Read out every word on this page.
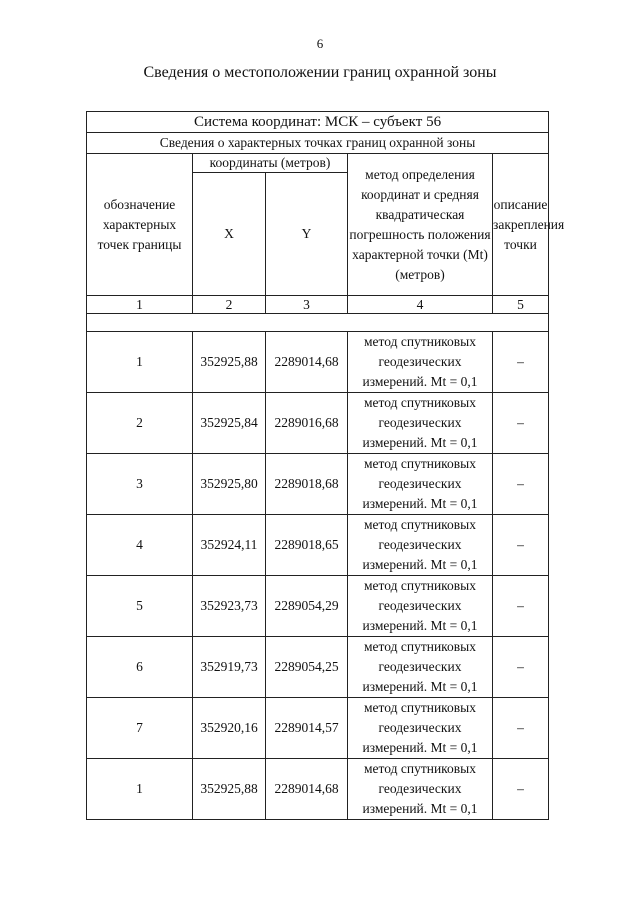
6
Сведения о местоположении границ охранной зоны
Система координат: МСК – субъект 56				
Сведения о характерных точках границ охранной зоны				
обозначение характерных точек границы	координаты (метров)		метод определения координат и средняя квадратическая погрешность положения характерной точки (Mt) (метров)	описание закрепления точки
	X	Y		
1	2	3	4	5

1	352925,88	2289014,68	метод спутниковых геодезических измерений. Mt = 0,1	–
2	352925,84	2289016,68	метод спутниковых геодезических измерений. Mt = 0,1	–
3	352925,80	2289018,68	метод спутниковых геодезических измерений. Mt = 0,1	–
4	352924,11	2289018,65	метод спутниковых геодезических измерений. Mt = 0,1	–
5	352923,73	2289054,29	метод спутниковых геодезических измерений. Mt = 0,1	–
6	352919,73	2289054,25	метод спутниковых геодезических измерений. Mt = 0,1	–
7	352920,16	2289014,57	метод спутниковых геодезических измерений. Mt = 0,1	–
1	352925,88	2289014,68	метод спутниковых геодезических измерений. Mt = 0,1	–
